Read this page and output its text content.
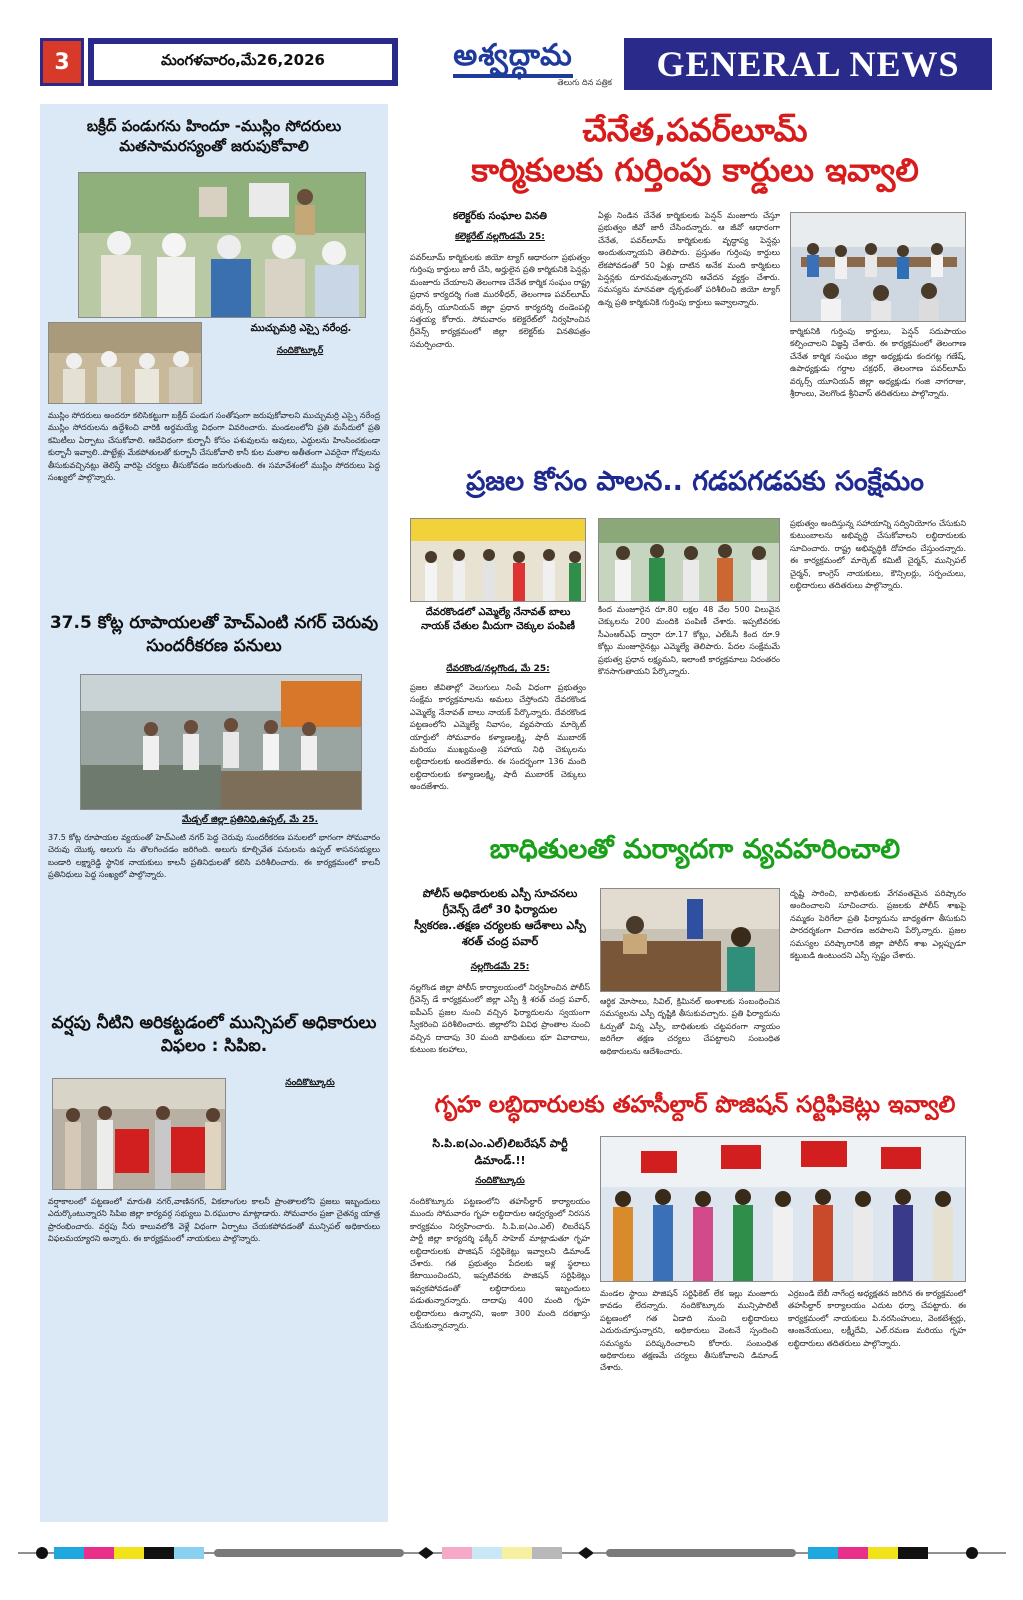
3	మంగళవారం,మే26,2026	అశ్వద్ధామ
తెలుగు దిన పత్రిక	GENERAL NEWS
బక్రీద్ పండుగను హిందూ -ముస్లిం సోదరులు మతసామరస్యంతో జరుపుకోవాలి
ముచ్చుమర్రి ఎస్సై నరేంద్ర.
నందికొట్కూర్
ముస్లిం సోదరులు అందరూ కలిసికట్టుగా బక్రీద్ పండుగ సంతోషంగా జరుపుకోవాలని ముచ్చుమర్రి ఎస్సై నరేంద్ర ముస్లిం సోదరులను ఉద్దేశించి వారికి అర్థమయ్యే విధంగా వివరించారు. మండలంలోని ప్రతి మసీదులో ప్రతి కమిటీలు ఏర్పాటు చేసుకోవాలి. ఆదేవిధంగా కుర్బానీ కోసం పశువులను అవులు, ఎద్దులను హింసించకుండా కుర్బానీ ఇవ్వాలి..పొట్టేళ్లు మేకపోతులతో కుర్బానీ చేసుకోవాలి కానీ కుల మతాల అతీతంగా ఎవరైనా గోవులను తీసుకువచ్చినట్లు తెలిస్తే వారిపై చర్యలు తీసుకోవడం జరుగుతుంది. ఈ సమావేశంలో ముస్లిం సోదరులు పెద్ద సంఖ్యలో పాల్గొన్నారు.
37.5 కోట్ల రూపాయలతో హెచ్ఎంటి నగర్ చెరువు సుందరీకరణ పనులు
మేడ్చల్ జిల్లా ప్రతినిధి,ఉప్పల్, మే 25.
37.5 కోట్ల రూపాయల వ్యయంతో హెచ్ఎంటి నగర్ పెద్ద చెరువు సుందరీకరణ పనులలో భాగంగా సోమవారం చెరువు యొక్క అలుగు ను తొలగించడం జరిగింది. అలుగు కూల్చివేత పనులను ఉప్పల్ శాసనసభ్యులు బండారి లక్ష్మారెడ్డి స్థానిక నాయకులు కాలనీ ప్రతినిధులతో కలిసి పరిశీలించారు. ఈ కార్యక్రమంలో కాలనీ ప్రతినిధులు పెద్ద సంఖ్యలో పాల్గొన్నారు.
వర్షపు నీటిని అరికట్టడంలో మున్సిపల్ అధికారులు విఫలం : సిపిఐ.
నందికొట్కూరు
వర్షాకాలంలో పట్టణంలో మారుతి నగర్,వాణినగర్, వికలాంగుల కాలనీ ప్రాంతాలలోని ప్రజలు ఇబ్బందులు ఎదుర్కొంటున్నారని సిపిఐ జిల్లా కార్యవర్గ సభ్యులు వి.రఘురాం మాట్లాడారు. సోమవారం ప్రజా చైతన్య యాత్ర ప్రారంభించారు. వర్షపు నీరు కాలువలోకి వెళ్లే విధంగా ఏర్పాటు చేయకపోవడంతో మున్సిపల్ అధికారులు విఫలమయ్యారని అన్నారు. ఈ కార్యక్రమంలో నాయకులు పాల్గొన్నారు.
చేనేత,పవర్‌లూమ్
కార్మికులకు గుర్తింపు కార్డులు ఇవ్వాలి
కలెక్టర్‌కు సంఘాల వినతి
కలెక్టరేట్ నల్లగొండమే 25:
పవర్‌లూమ్ కార్మికులకు జియో ట్యాగ్ ఆధారంగా ప్రభుత్వం గుర్తింపు కార్డులు జారీ చేసి, అర్హులైన ప్రతి కార్మికునికి పెన్షన్లు మంజూరు చేయాలని తెలంగాణ చేనేత కార్మిక సంఘం రాష్ట్ర ప్రధాన కార్యదర్శి గంజి మురళీధర్, తెలంగాణ పవర్‌లూమ్ వర్కర్స్ యూనియన్ జిల్లా ప్రధాన కార్యదర్శి దండెంపల్లి సత్తయ్య కోరారు. సోమవారం కలెక్టరేట్‌లో నిర్వహించిన గ్రీవెన్స్ కార్యక్రమంలో జిల్లా కలెక్టర్‌కు వినతిపత్రం సమర్పించారు.
ఏళ్లు నిండిన చేనేత కార్మికులకు పెన్షన్ మంజూరు చేస్తూ ప్రభుత్వం జీవో జారీ చేసిందన్నారు. ఆ జీవో ఆధారంగా చేనేత, పవర్‌లూమ్ కార్మికులకు వృద్ధాప్య పెన్షన్లు అందుతున్నాయని తెలిపారు. ప్రస్తుతం గుర్తింపు కార్డులు లేకపోవడంతో 50 ఏళ్లు దాటిన అనేక మంది కార్మికులు పెన్షన్లకు దూరమవుతున్నారని ఆవేదన వ్యక్తం చేశారు. సమస్యను మానవతా దృక్పథంతో పరిశీలించి జియో ట్యాగ్ ఉన్న ప్రతి కార్మికునికి గుర్తింపు కార్డులు ఇవ్వాలన్నారు.
కార్మికునికి గుర్తింపు కార్డులు, పెన్షన్ సదుపాయం కల్పించాలని విజ్ఞప్తి చేశారు. ఈ కార్యక్రమంలో తెలంగాణ చేనేత కార్మిక సంఘం జిల్లా అధ్యక్షుడు కందగట్ల గణేష్, ఉపాధ్యక్షుడు గర్దాల చక్రధర్, తెలంగాణ పవర్‌లూమ్ వర్కర్స్ యూనియన్ జిల్లా అధ్యక్షుడు గంజి నాగరాజు, శ్రీరాంలు, వెలగొండ శ్రీనివాస్ తదితరులు పాల్గొన్నారు.
ప్రజల కోసం పాలన.. గడపగడపకు సంక్షేమం
దేవరకొండలో ఎమ్మెల్యే నేనావత్ బాలు నాయక్ చేతుల మీదుగా చెక్కుల పంపిణీ
దేవరకొండ/నల్లగొండ, మే 25:
ప్రజల జీవితాల్లో వెలుగులు నింపే విధంగా ప్రభుత్వం సంక్షేమ కార్యక్రమాలను అమలు చేస్తోందని దేవరకొండ ఎమ్మెల్యే నేనావత్ బాలు నాయక్ పేర్కొన్నారు. దేవరకొండ పట్టణంలోని ఎమ్మెల్యే నివాసం, వ్యవసాయ మార్కెట్ యార్డులో సోమవారం కళ్యాణలక్ష్మి, షాదీ ముబారక్ మరియు ముఖ్యమంత్రి సహాయ నిధి చెక్కులను లబ్ధిదారులకు అందజేశారు. ఈ సందర్భంగా 136 మంది లబ్ధిదారులకు కళ్యాణలక్ష్మి, షాదీ ముబారక్ చెక్కులు అందజేశారు.
కింద మంజూరైన రూ.80 లక్షల 48 వేల 500 విలువైన చెక్కులను 200 మందికి పంపిణీ చేశారు. ఇప్పటివరకు సీఎంఆర్ఎఫ్ ద్వారా రూ.17 కోట్లు, ఎల్ఓసీ కింద రూ.9 కోట్లు మంజూరైనట్లు ఎమ్మెల్యే తెలిపారు. పేదల సంక్షేమమే ప్రభుత్వ ప్రధాన లక్ష్యమని, ఇలాంటి కార్యక్రమాలు నిరంతరం కొనసాగుతాయని పేర్కొన్నారు.
ప్రభుత్వం అందిస్తున్న సహాయాన్ని సద్వినియోగం చేసుకుని కుటుంబాలను అభివృద్ధి చేసుకోవాలని లబ్ధిదారులకు సూచించారు. రాష్ట్ర అభివృద్ధికి దోహదం చేస్తుందన్నారు. ఈ కార్యక్రమంలో మార్కెట్ కమిటీ చైర్మన్, మున్సిపల్ చైర్మన్, కాంగ్రెస్ నాయకులు, కౌన్సిలర్లు, సర్పంచులు, లబ్ధిదారులు తదితరులు పాల్గొన్నారు.
బాధితులతో మర్యాదగా వ్యవహరించాలి
పోలీస్ అధికారులకు ఎస్పీ సూచనలు గ్రీవెన్స్ డేలో 30 ఫిర్యాదుల స్వీకరణ..తక్షణ చర్యలకు ఆదేశాలు ఎస్పీ శరత్ చంద్ర పవార్
నల్లగొండమే 25:
నల్లగొండ జిల్లా పోలీస్ కార్యాలయంలో నిర్వహించిన పోలీస్ గ్రీవెన్స్ డే కార్యక్రమంలో జిల్లా ఎస్పీ శ్రీ శరత్ చంద్ర పవార్, ఐపీఎస్ ప్రజల నుంచి వచ్చిన ఫిర్యాదులను స్వయంగా స్వీకరించి పరిశీలించారు. జిల్లాలోని వివిధ ప్రాంతాల నుంచి వచ్చిన దాదాపు 30 మంది బాధితులు భూ వివాదాలు, కుటుంబ కలహాలు,
ఆర్థిక మోసాలు, సివిల్, క్రిమినల్ అంశాలకు సంబంధించిన సమస్యలను ఎస్పీ దృష్టికి తీసుకువచ్చారు. ప్రతి ఫిర్యాదును ఓర్పుతో విన్న ఎస్పీ, బాధితులకు చట్టపరంగా న్యాయం జరిగేలా తక్షణ చర్యలు చేపట్టాలని సంబంధిత అధికారులను ఆదేశించారు.
దృష్టి సారించి, బాధితులకు వేగవంతమైన పరిష్కారం అందించాలని సూచించారు. ప్రజలకు పోలీస్ శాఖపై నమ్మకం పెరిగేలా ప్రతి ఫిర్యాదును బాధ్యతగా తీసుకుని పారదర్శకంగా విచారణ జరపాలని పేర్కొన్నారు. ప్రజల సమస్యల పరిష్కారానికి జిల్లా పోలీస్ శాఖ ఎల్లప్పుడూ కట్టుబడి ఉంటుందని ఎస్పీ స్పష్టం చేశారు.
గృహ లబ్ధిదారులకు తహసీల్దార్ పొజిషన్ సర్టిఫికెట్లు ఇవ్వాలి
సి.పి.ఐ(ఎం.ఎల్)లిబరేషన్ పార్టీ డిమాండ్.!!
నందికొట్కూరు
నందికొట్కూరు పట్టణంలోని తహసీల్దార్ కార్యాలయం ముందు సోమవారం గృహ లబ్ధిదారుల ఆధ్వర్యంలో నిరసన కార్యక్రమం నిర్వహించారు. సి.పి.ఐ(ఎం.ఎల్) లిబరేషన్ పార్టీ జిల్లా కార్యదర్శి ఫక్కీర్ సాహెబ్ మాట్లాడుతూ గృహ లబ్ధిదారులకు పొజిషన్ సర్టిఫికెట్లు ఇవ్వాలని డిమాండ్ చేశారు. గత ప్రభుత్వం పేదలకు ఇళ్ల స్థలాలు కేటాయించిందని, ఇప్పటివరకు పొజిషన్ సర్టిఫికెట్లు ఇవ్వకపోవడంతో లబ్ధిదారులు ఇబ్బందులు పడుతున్నారన్నారు. దాదాపు 400 మంది గృహ లబ్ధిదారులు ఉన్నారని, ఇంకా 300 మంది దరఖాస్తు చేసుకున్నారన్నారు.
మండల స్థాయి పొజిషన్ సర్టిఫికెట్ లేక ఇల్లు మంజూరు కావడం లేదన్నారు. నందికొట్కూరు మున్సిపాలిటీ పట్టణంలో గత ఏడాది నుంచి లబ్ధిదారులు ఎదురుచూస్తున్నారని, అధికారులు వెంటనే స్పందించి సమస్యను పరిష్కరించాలని కోరారు. సంబంధిత అధికారులు తక్షణమే చర్యలు తీసుకోవాలని డిమాండ్ చేశారు.
ఎర్రబండి బేబీ నాగేంద్ర అధ్యక్షతన జరిగిన ఈ కార్యక్రమంలో తహసీల్దార్ కార్యాలయం ఎదుట ధర్నా చేపట్టారు. ఈ కార్యక్రమంలో నాయకులు పి.నరసింహులు, వెంకటేశ్వర్లు, ఆంజనేయులు, లక్ష్మీదేవి, ఎల్.రమణ మరియు గృహ లబ్ధిదారులు తదితరులు పాల్గొన్నారు.
